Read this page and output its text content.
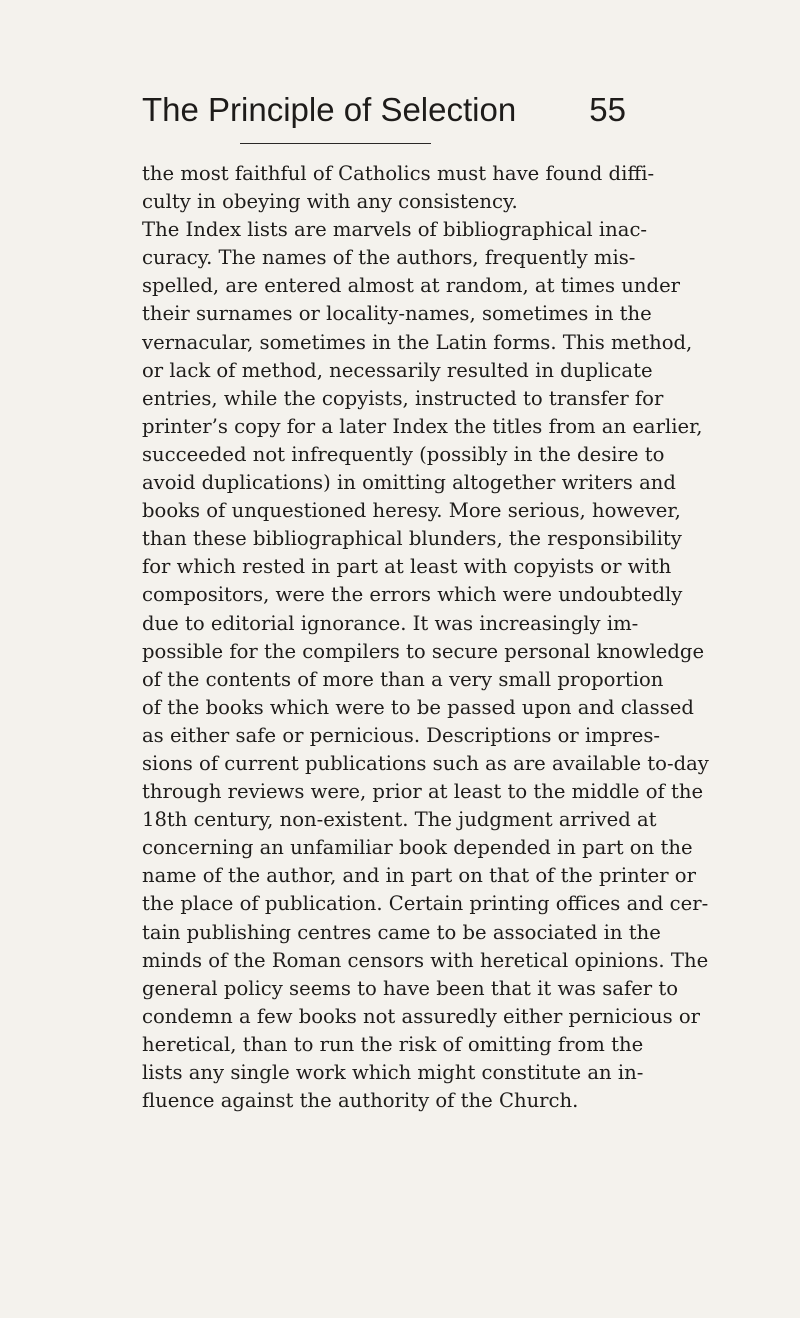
The Principle of Selection 55
the most faithful of Catholics must have found diffi-
culty in obeying with any consistency.
The Index lists are marvels of bibliographical inac-
curacy. The names of the authors, frequently mis-
spelled, are entered almost at random, at times under
their surnames or locality-names, sometimes in the
vernacular, sometimes in the Latin forms. This method,
or lack of method, necessarily resulted in duplicate
entries, while the copyists, instructed to transfer for
printer’s copy for a later Index the titles from an earlier,
succeeded not infrequently (possibly in the desire to
avoid duplications) in omitting altogether writers and
books of unquestioned heresy. More serious, however,
than these bibliographical blunders, the responsibility
for which rested in part at least with copyists or with
compositors, were the errors which were undoubtedly
due to editorial ignorance. It was increasingly im-
possible for the compilers to secure personal knowledge
of the contents of more than a very small proportion
of the books which were to be passed upon and classed
as either safe or pernicious. Descriptions or impres-
sions of current publications such as are available to-day
through reviews were, prior at least to the middle of the
18th century, non-existent. The judgment arrived at
concerning an unfamiliar book depended in part on the
name of the author, and in part on that of the printer or
the place of publication. Certain printing offices and cer-
tain publishing centres came to be associated in the
minds of the Roman censors with heretical opinions. The
general policy seems to have been that it was safer to
condemn a few books not assuredly either pernicious or
heretical, than to run the risk of omitting from the
lists any single work which might constitute an in-
fluence against the authority of the Church.
